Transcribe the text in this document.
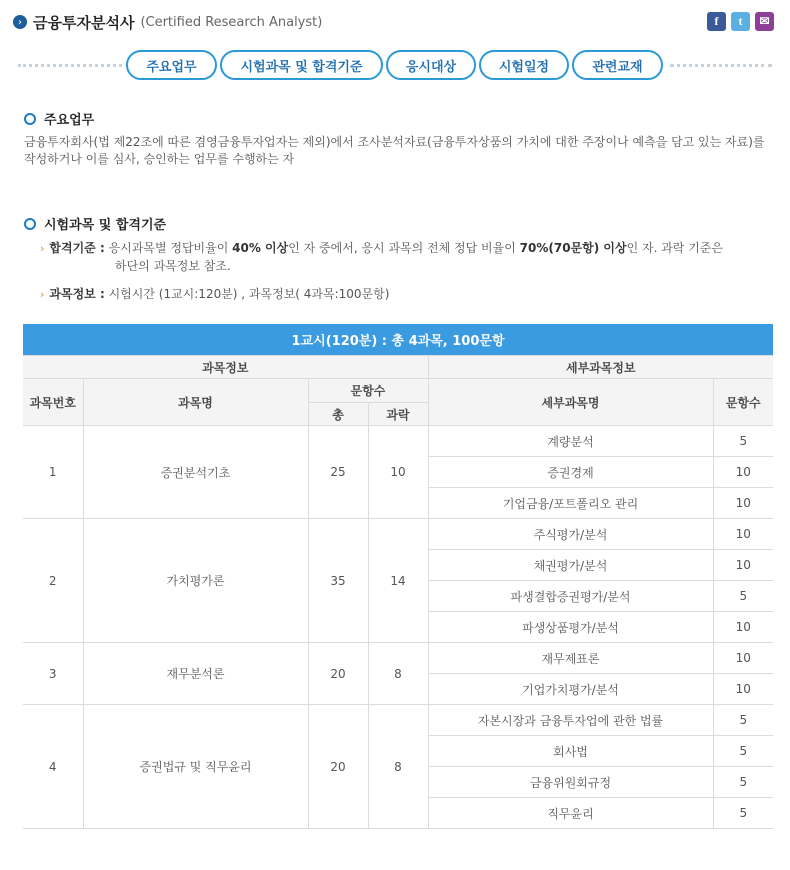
› 금융투자분석사 (Certified Research Analyst)	f	t	✉
주요업무	시험과목 및 합격기준	응시대상	시험일정	관련교재
주요업무
금융투자회사(법 제22조에 따른 겸영금융투자업자는 제외)에서 조사분석자료(금융투자상품의 가치에 대한 주장이나 예측을 담고 있는 자료)를 작성하거나 이를 심사, 승인하는 업무를 수행하는 자
시험과목 및 합격기준
› 합격기준 : 응시과목별 정답비율이 40% 이상인 자 중에서, 응시 과목의 전체 정답 비율이 70%(70문항) 이상인 자. 과락 기준은
하단의 과목정보 참조.
› 과목정보 : 시험시간 (1교시:120분) , 과목정보( 4과목:100문항)
1교시(120분) : 총 4과목, 100문항					
과목정보				세부과목정보	
과목번호	과목명	문항수		세부과목명	문항수
		총	과락		
1	증권분석기초	25	10	계량분석	5
				증권경제	10
				기업금융/포트폴리오 관리	10
2	가치평가론	35	14	주식평가/분석	10
				채권평가/분석	10
				파생결합증권평가/분석	5
				파생상품평가/분석	10
3	재무분석론	20	8	재무제표론	10
				기업가치평가/분석	10
4	증권법규 및 직무윤리	20	8	자본시장과 금융투자업에 관한 법률	5
				회사법	5
				금융위원회규정	5
				직무윤리	5
